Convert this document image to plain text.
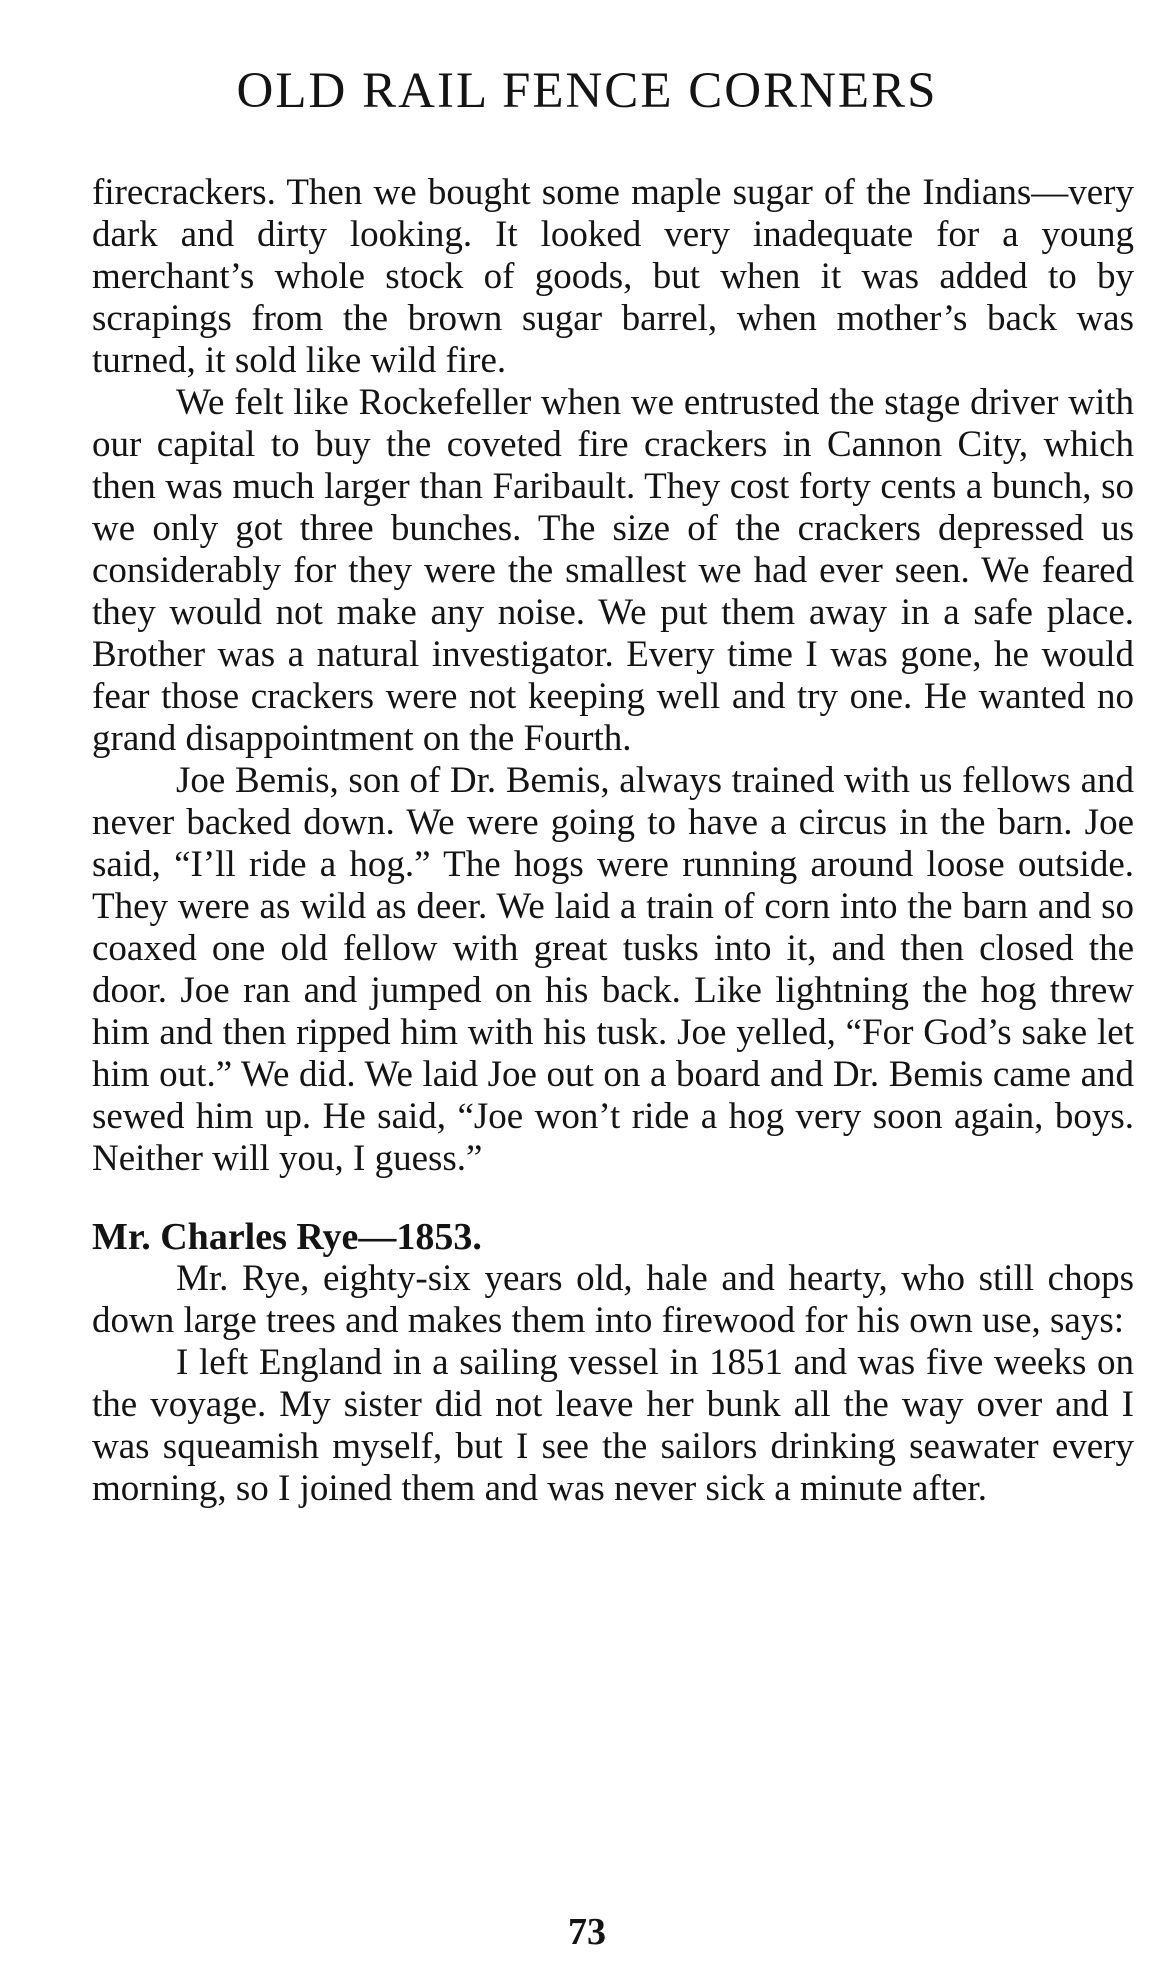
OLD RAIL FENCE CORNERS

firecrackers. Then we bought some maple sugar of the Indians—very dark and dirty looking. It looked very inadequate for a young merchant’s whole stock of goods, but when it was added to by scrapings from the brown sugar barrel, when mother’s back was turned, it sold like wild fire.

We felt like Rockefeller when we entrusted the stage driver with our capital to buy the coveted fire crackers in Cannon City, which then was much larger than Faribault. They cost forty cents a bunch, so we only got three bunches. The size of the crackers depressed us considerably for they were the smallest we had ever seen. We feared they would not make any noise. We put them away in a safe place. Brother was a natural investigator. Every time I was gone, he would fear those crackers were not keeping well and try one. He wanted no grand disappointment on the Fourth.

Joe Bemis, son of Dr. Bemis, always trained with us fellows and never backed down. We were going to have a circus in the barn. Joe said, “I’ll ride a hog.” The hogs were running around loose outside. They were as wild as deer. We laid a train of corn into the barn and so coaxed one old fellow with great tusks into it, and then closed the door. Joe ran and jumped on his back. Like lightning the hog threw him and then ripped him with his tusk. Joe yelled, “For God’s sake let him out.” We did. We laid Joe out on a board and Dr. Bemis came and sewed him up. He said, “Joe won’t ride a hog very soon again, boys. Neither will you, I guess.”

Mr. Charles Rye—1853.

Mr. Rye, eighty-six years old, hale and hearty, who still chops down large trees and makes them into firewood for his own use, says:

I left England in a sailing vessel in 1851 and was five weeks on the voyage. My sister did not leave her bunk all the way over and I was squeamish myself, but I see the sailors drinking seawater every morning, so I joined them and was never sick a minute after.

73
